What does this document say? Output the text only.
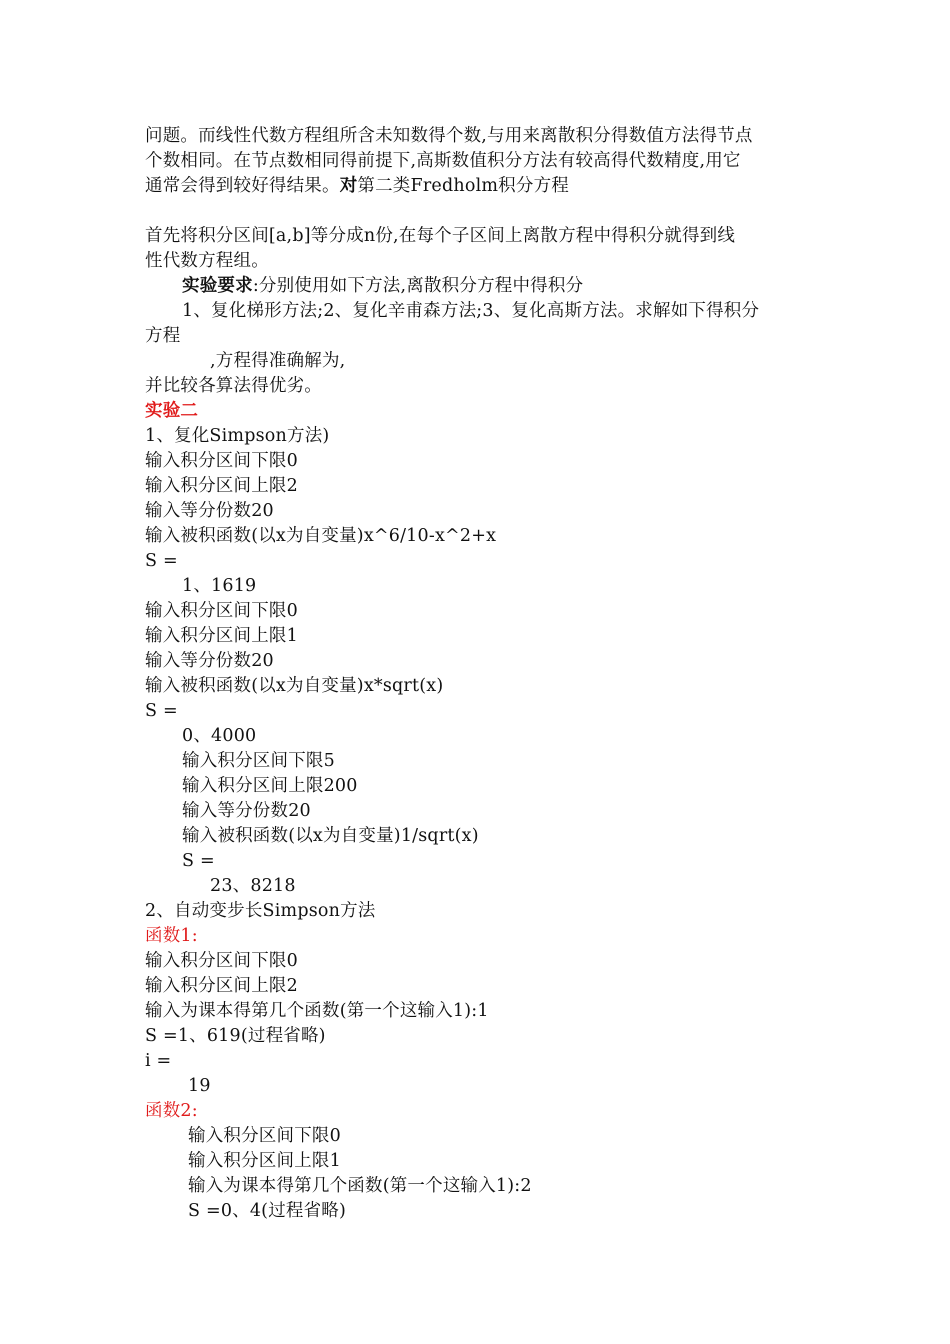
问题。而线性代数方程组所含未知数得个数,与用来离散积分得数值方法得节点
个数相同。在节点数相同得前提下,高斯数值积分方法有较高得代数精度,用它
通常会得到较好得结果。对第二类Fredholm积分方程
首先将积分区间[a,b]等分成n份,在每个子区间上离散方程中得积分就得到线
性代数方程组。
实验要求:分别使用如下方法,离散积分方程中得积分
1、复化梯形方法;2、复化辛甫森方法;3、复化高斯方法。求解如下得积分
方程
,方程得准确解为,
并比较各算法得优劣。
实验二
1、复化Simpson方法)
输入积分区间下限0
输入积分区间上限2
输入等分份数20
输入被积函数(以x为自变量)x^6/10-x^2+x
S =
1、1619
输入积分区间下限0
输入积分区间上限1
输入等分份数20
输入被积函数(以x为自变量)x*sqrt(x)
S =
0、4000
输入积分区间下限5
输入积分区间上限200
输入等分份数20
输入被积函数(以x为自变量)1/sqrt(x)
S =
23、8218
2、自动变步长Simpson方法
函数1:
输入积分区间下限0
输入积分区间上限2
输入为课本得第几个函数(第一个这输入1):1
S =1、619(过程省略)
i =
19
函数2:
输入积分区间下限0
输入积分区间上限1
输入为课本得第几个函数(第一个这输入1):2
S =0、4(过程省略)
